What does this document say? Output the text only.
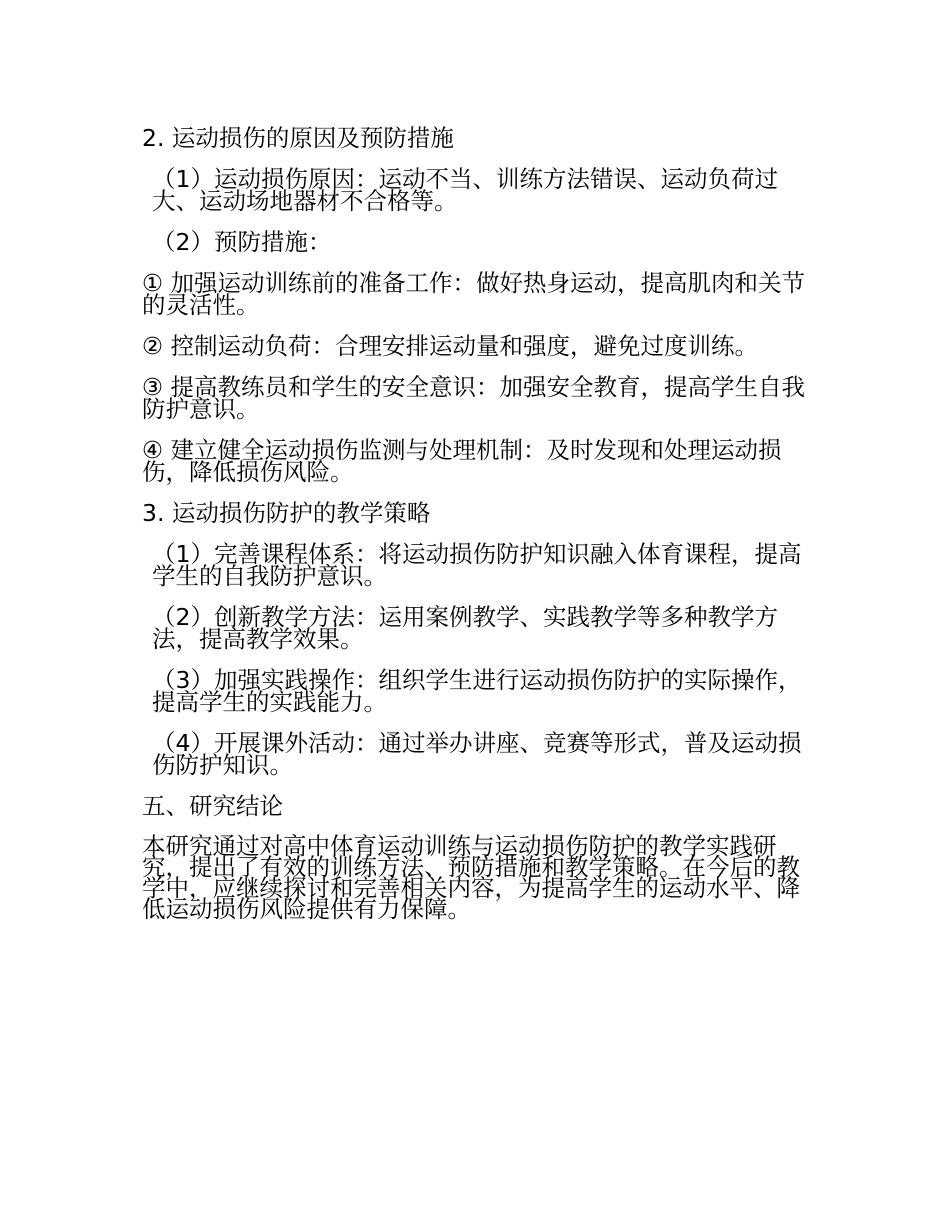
2. 运动损伤的原因及预防措施

（1）运动损伤原因：运动不当、训练方法错误、运动负荷过大、运动场地器材不合格等。

（2）预防措施：

① 加强运动训练前的准备工作：做好热身运动，提高肌肉和关节的灵活性。

② 控制运动负荷：合理安排运动量和强度，避免过度训练。

③ 提高教练员和学生的安全意识：加强安全教育，提高学生自我防护意识。

④ 建立健全运动损伤监测与处理机制：及时发现和处理运动损伤，降低损伤风险。

3. 运动损伤防护的教学策略

（1）完善课程体系：将运动损伤防护知识融入体育课程，提高学生的自我防护意识。

（2）创新教学方法：运用案例教学、实践教学等多种教学方法，提高教学效果。

（3）加强实践操作：组织学生进行运动损伤防护的实际操作，提高学生的实践能力。

（4）开展课外活动：通过举办讲座、竞赛等形式，普及运动损伤防护知识。

五、研究结论

本研究通过对高中体育运动训练与运动损伤防护的教学实践研究，提出了有效的训练方法、预防措施和教学策略。在今后的教学中，应继续探讨和完善相关内容，为提高学生的运动水平、降低运动损伤风险提供有力保障。
